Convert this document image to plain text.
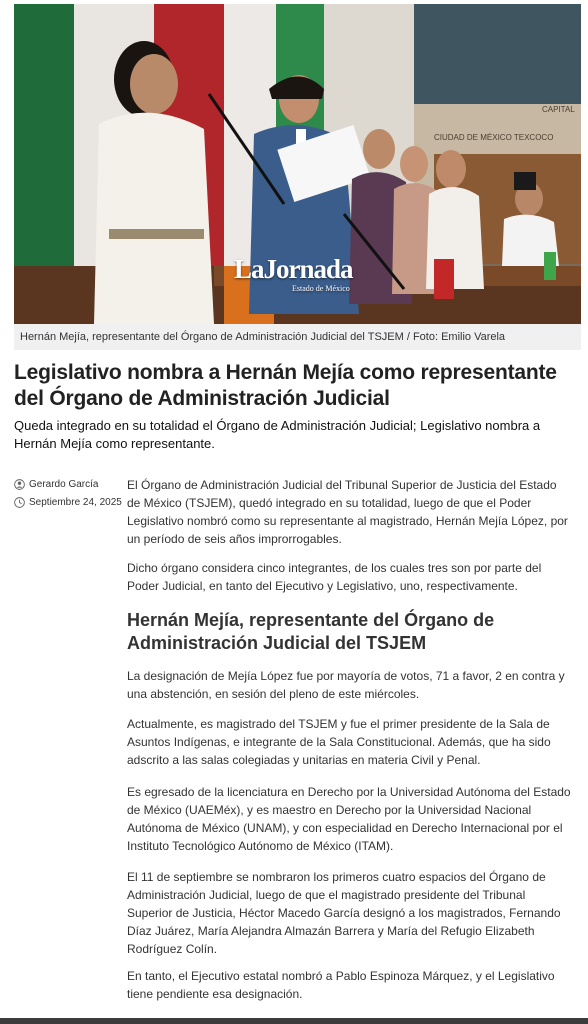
CIUDAD DE MÉXICO TEXCOCO
CAPITAL
LaJornada
Estado de México
Hernán Mejía, representante del Órgano de Administración Judicial del TSJEM / Foto: Emilio Varela
Legislativo nombra a Hernán Mejía como representante del Órgano de Administración Judicial

Queda integrado en su totalidad el Órgano de Administración Judicial; Legislativo nombra a Hernán Mejía como representante.

Gerardo García
Septiembre 24, 2025

El Órgano de Administración Judicial del Tribunal Superior de Justicia del Estado de México (TSJEM), quedó integrado en su totalidad, luego de que el Poder Legislativo nombró como su representante al magistrado, Hernán Mejía López, por un período de seis años improrrogables.

Dicho órgano considera cinco integrantes, de los cuales tres son por parte del Poder Judicial, en tanto del Ejecutivo y Legislativo, uno, respectivamente.

Hernán Mejía, representante del Órgano de Administración Judicial del TSJEM

La designación de Mejía López fue por mayoría de votos, 71 a favor, 2 en contra y una abstención, en sesión del pleno de este miércoles.

Actualmente, es magistrado del TSJEM y fue el primer presidente de la Sala de Asuntos Indígenas, e integrante de la Sala Constitucional. Además, que ha sido adscrito a las salas colegiadas y unitarias en materia Civil y Penal.

Es egresado de la licenciatura en Derecho por la Universidad Autónoma del Estado de México (UAEMéx), y es maestro en Derecho por la Universidad Nacional Autónoma de México (UNAM), y con especialidad en Derecho Internacional por el Instituto Tecnológico Autónomo de México (ITAM).

El 11 de septiembre se nombraron los primeros cuatro espacios del Órgano de Administración Judicial, luego de que el magistrado presidente del Tribunal Superior de Justicia, Héctor Macedo García designó a los magistrados, Fernando Díaz Juárez, María Alejandra Almazán Barrera y María del Refugio Elizabeth Rodríguez Colín.

En tanto, el Ejecutivo estatal nombró a Pablo Espinoza Márquez, y el Legislativo tiene pendiente esa designación.
